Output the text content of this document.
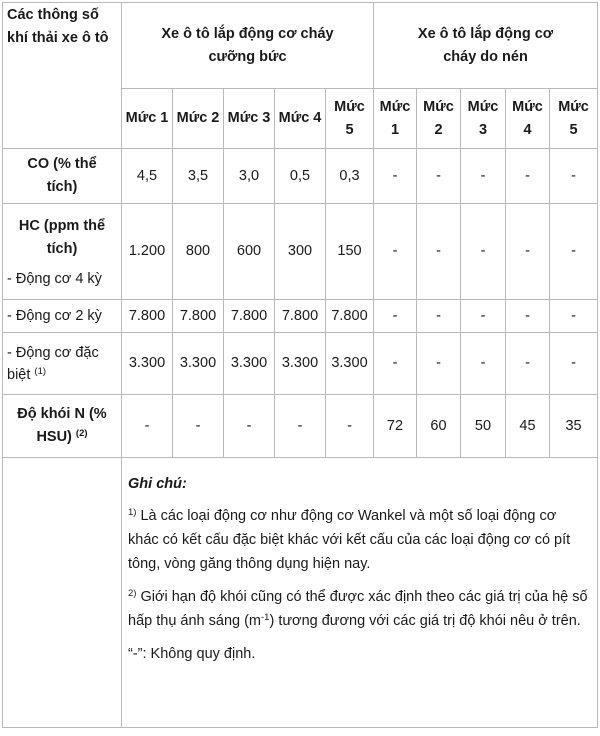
Các thông số khí thải xe ô tô	Xe ô tô lắp động cơ cháy cưỡng bức					Xe ô tô lắp động cơ cháy do nén				
	Mức 1	Mức 2	Mức 3	Mức 4	Mức 5	Mức 1	Mức 2	Mức 3	Mức 4	Mức 5
CO (% thể tích)	4,5	3,5	3,0	0,5	0,3	-	-	-	-	-

HC (ppm thể tích)
- Động cơ 4 kỳ	1.200	800	600	300	150	-	-	-	-	-
- Động cơ 2 kỳ	7.800	7.800	7.800	7.800	7.800	-	-	-	-	-
- Động cơ đặc biệt $^{(1)}$	3.300	3.300	3.300	3.300	3.300	-	-	-	-	-
Độ khói N (% HSU) $^{(2)}$	-	-	-	-	-	72	60	50	45	35

	Ghi chú:

$^{1)}$ Là các loại động cơ như động cơ Wankel và một số loại động cơ khác có kết cấu đặc biệt khác với kết cấu của các loại động cơ có pít tông, vòng găng thông dụng hiện nay.

$^{2)}$ Giới hạn độ khói cũng có thể được xác định theo các giá trị của hệ số hấp thụ ánh sáng $(m^{-1})$ tương đương với các giá trị độ khói nêu ở trên.

“-”: Không quy định.									
